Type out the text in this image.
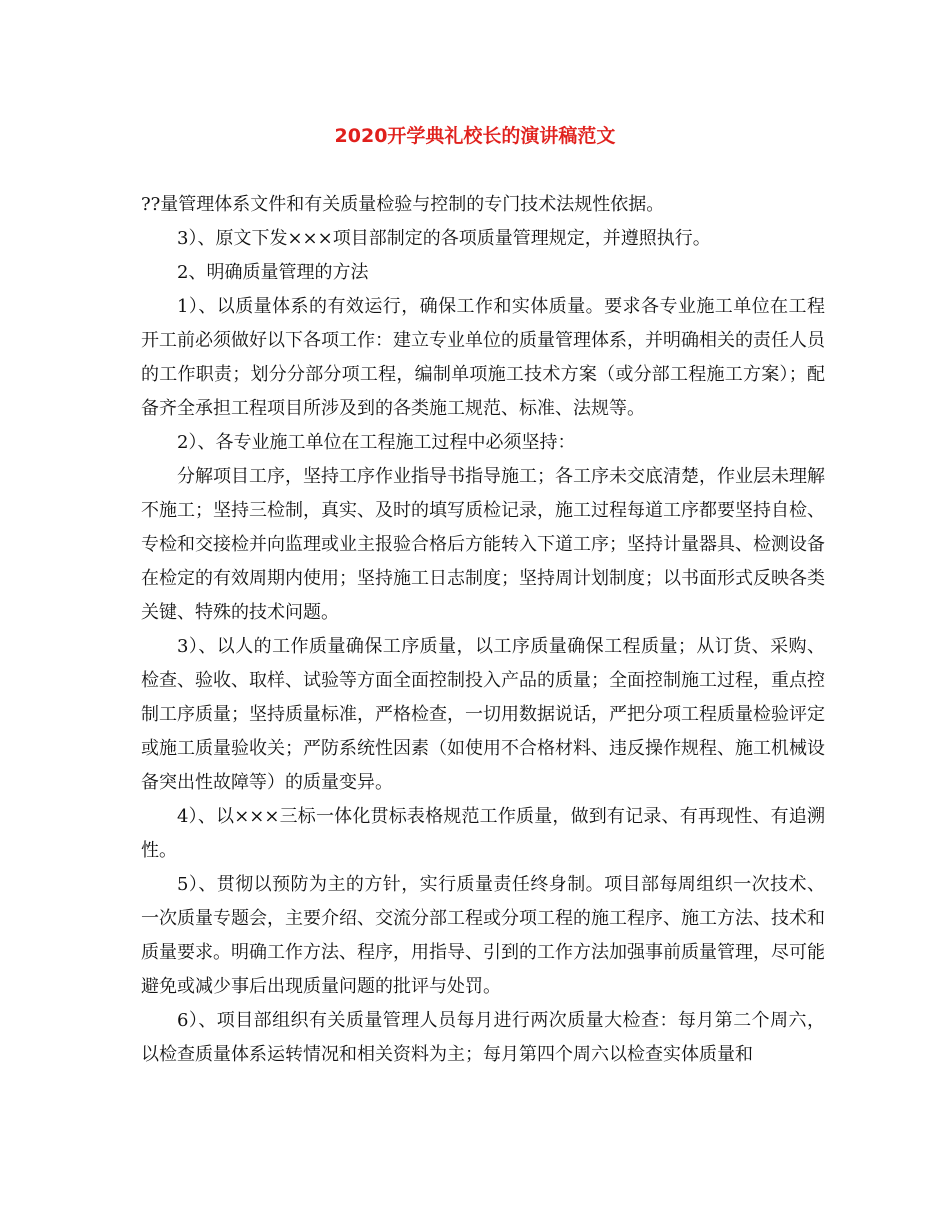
2020开学典礼校长的演讲稿范文

??量管理体系文件和有关质量检验与控制的专门技术法规性依据。

3）、原文下发×××项目部制定的各项质量管理规定，并遵照执行。

2、明确质量管理的方法

1）、以质量体系的有效运行，确保工作和实体质量。要求各专业施工单位在工程开工前必须做好以下各项工作：建立专业单位的质量管理体系，并明确相关的责任人员的工作职责；划分分部分项工程，编制单项施工技术方案（或分部工程施工方案）；配备齐全承担工程项目所涉及到的各类施工规范、标准、法规等。

2）、各专业施工单位在工程施工过程中必须坚持：

分解项目工序，坚持工序作业指导书指导施工；各工序未交底清楚，作业层未理解不施工；坚持三检制，真实、及时的填写质检记录，施工过程每道工序都要坚持自检、专检和交接检并向监理或业主报验合格后方能转入下道工序；坚持计量器具、检测设备在检定的有效周期内使用；坚持施工日志制度；坚持周计划制度；以书面形式反映各类关键、特殊的技术问题。

3）、以人的工作质量确保工序质量，以工序质量确保工程质量；从订货、采购、检查、验收、取样、试验等方面全面控制投入产品的质量；全面控制施工过程，重点控制工序质量；坚持质量标准，严格检查，一切用数据说话，严把分项工程质量检验评定或施工质量验收关；严防系统性因素（如使用不合格材料、违反操作规程、施工机械设备突出性故障等）的质量变异。

4）、以×××三标一体化贯标表格规范工作质量，做到有记录、有再现性、有追溯性。

5）、贯彻以预防为主的方针，实行质量责任终身制。项目部每周组织一次技术、一次质量专题会，主要介绍、交流分部工程或分项工程的施工程序、施工方法、技术和质量要求。明确工作方法、程序，用指导、引到的工作方法加强事前质量管理，尽可能避免或减少事后出现质量问题的批评与处罚。

6）、项目部组织有关质量管理人员每月进行两次质量大检查：每月第二个周六，以检查质量体系运转情况和相关资料为主；每月第四个周六以检查实体质量和
